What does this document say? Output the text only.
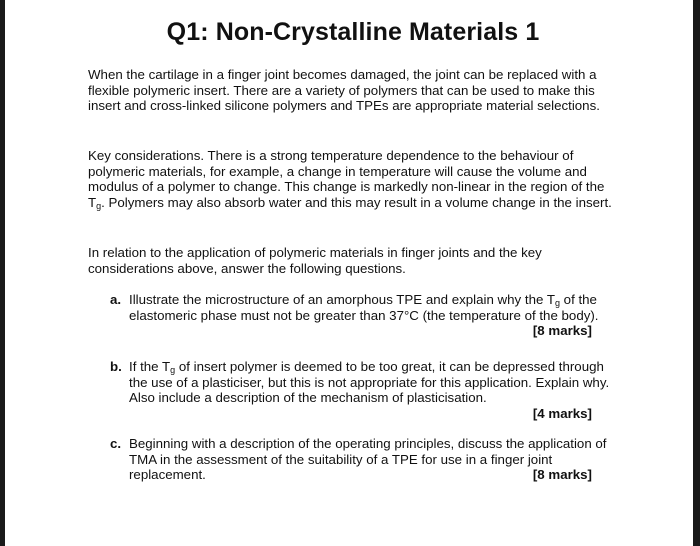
Q1: Non-Crystalline Materials 1

When the cartilage in a finger joint becomes damaged, the joint can be replaced with a flexible polymeric insert. There are a variety of polymers that can be used to make this insert and cross-linked silicone polymers and TPEs are appropriate material selections.

Key considerations. There is a strong temperature dependence to the behaviour of polymeric materials, for example, a change in temperature will cause the volume and modulus of a polymer to change. This change is markedly non-linear in the region of the $T_g$. Polymers may also absorb water and this may result in a volume change in the insert.

In relation to the application of polymeric materials in finger joints and the key considerations above, answer the following questions.

a. Illustrate the microstructure of an amorphous TPE and explain why the $T_g$ of the elastomeric phase must not be greater than 37°C (the temperature of the body).
[8 marks]
b. If the $T_g$ of insert polymer is deemed to be too great, it can be depressed through the use of a plasticiser, but this is not appropriate for this application. Explain why. Also include a description of the mechanism of plasticisation.
[4 marks]
c. Beginning with a description of the operating principles, discuss the application of TMA in the assessment of the suitability of a TPE for use in a finger joint replacement.	[8 marks]
